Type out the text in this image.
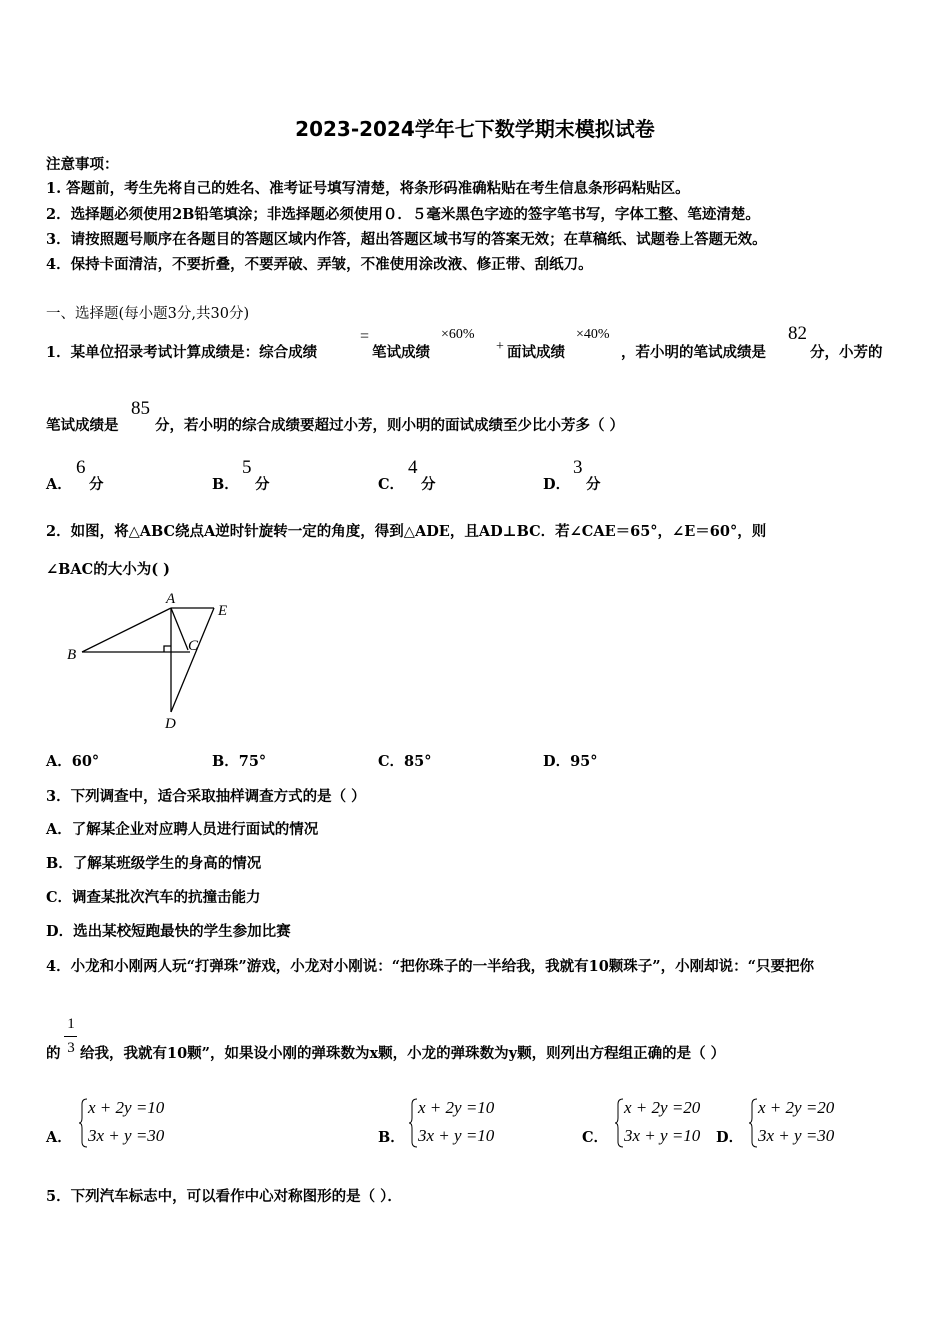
2023-2024学年七下数学期末模拟试卷
注意事项：
1. 答题前，考生先将自己的姓名、准考证号填写清楚，将条形码准确粘贴在考生信息条形码粘贴区。
2．选择题必须使用2B铅笔填涂；非选择题必须使用０．５毫米黑色字迹的签字笔书写，字体工整、笔迹清楚。
3．请按照题号顺序在各题目的答题区域内作答，超出答题区域书写的答案无效；在草稿纸、试题卷上答题无效。
4．保持卡面清洁，不要折叠，不要弄破、弄皱，不准使用涂改液、修正带、刮纸刀。
一、选择题(每小题3分,共30分)
1．某单位招录考试计算成绩是：综合成绩
=
笔试成绩
×60%
+ 面试成绩
×40%
，若小明的笔试成绩是
82
分，小芳的
笔试成绩是
85
分，若小明的综合成绩要超过小芳，则小明的面试成绩至少比小芳多（ ）
A．
6
分	B．
5
分	C．
4
分	D．
3
分
2．如图，将△ABC绕点A逆时针旋转一定的角度，得到△ADE，且AD⊥BC．若∠CAE＝65°，∠E＝60°，则
∠BAC的大小为( )
A
E
B
C
D
A．60°	B．75°	C．85°	D．95°
3．下列调查中，适合采取抽样调查方式的是（ ）
A．了解某企业对应聘人员进行面试的情况
B．了解某班级学生的身高的情况
C．调查某批次汽车的抗撞击能力
D．选出某校短跑最快的学生参加比赛
4．小龙和小刚两人玩“打弹珠”游戏，小龙对小刚说：“把你珠子的一半给我，我就有10颗珠子”，小刚却说：“只要把你
的
1
3 给我，我就有10颗”，如果设小刚的弹珠数为x颗，小龙的弹珠数为y颗，则列出方程组正确的是（ ）
A．
x + 2y =10
3x + y =30	B．
x + 2y =10
3x + y =10	C．
x + 2y =20
3x + y =10 D．
x + 2y =20
3x + y =30
5．下列汽车标志中，可以看作中心对称图形的是（ ）．
